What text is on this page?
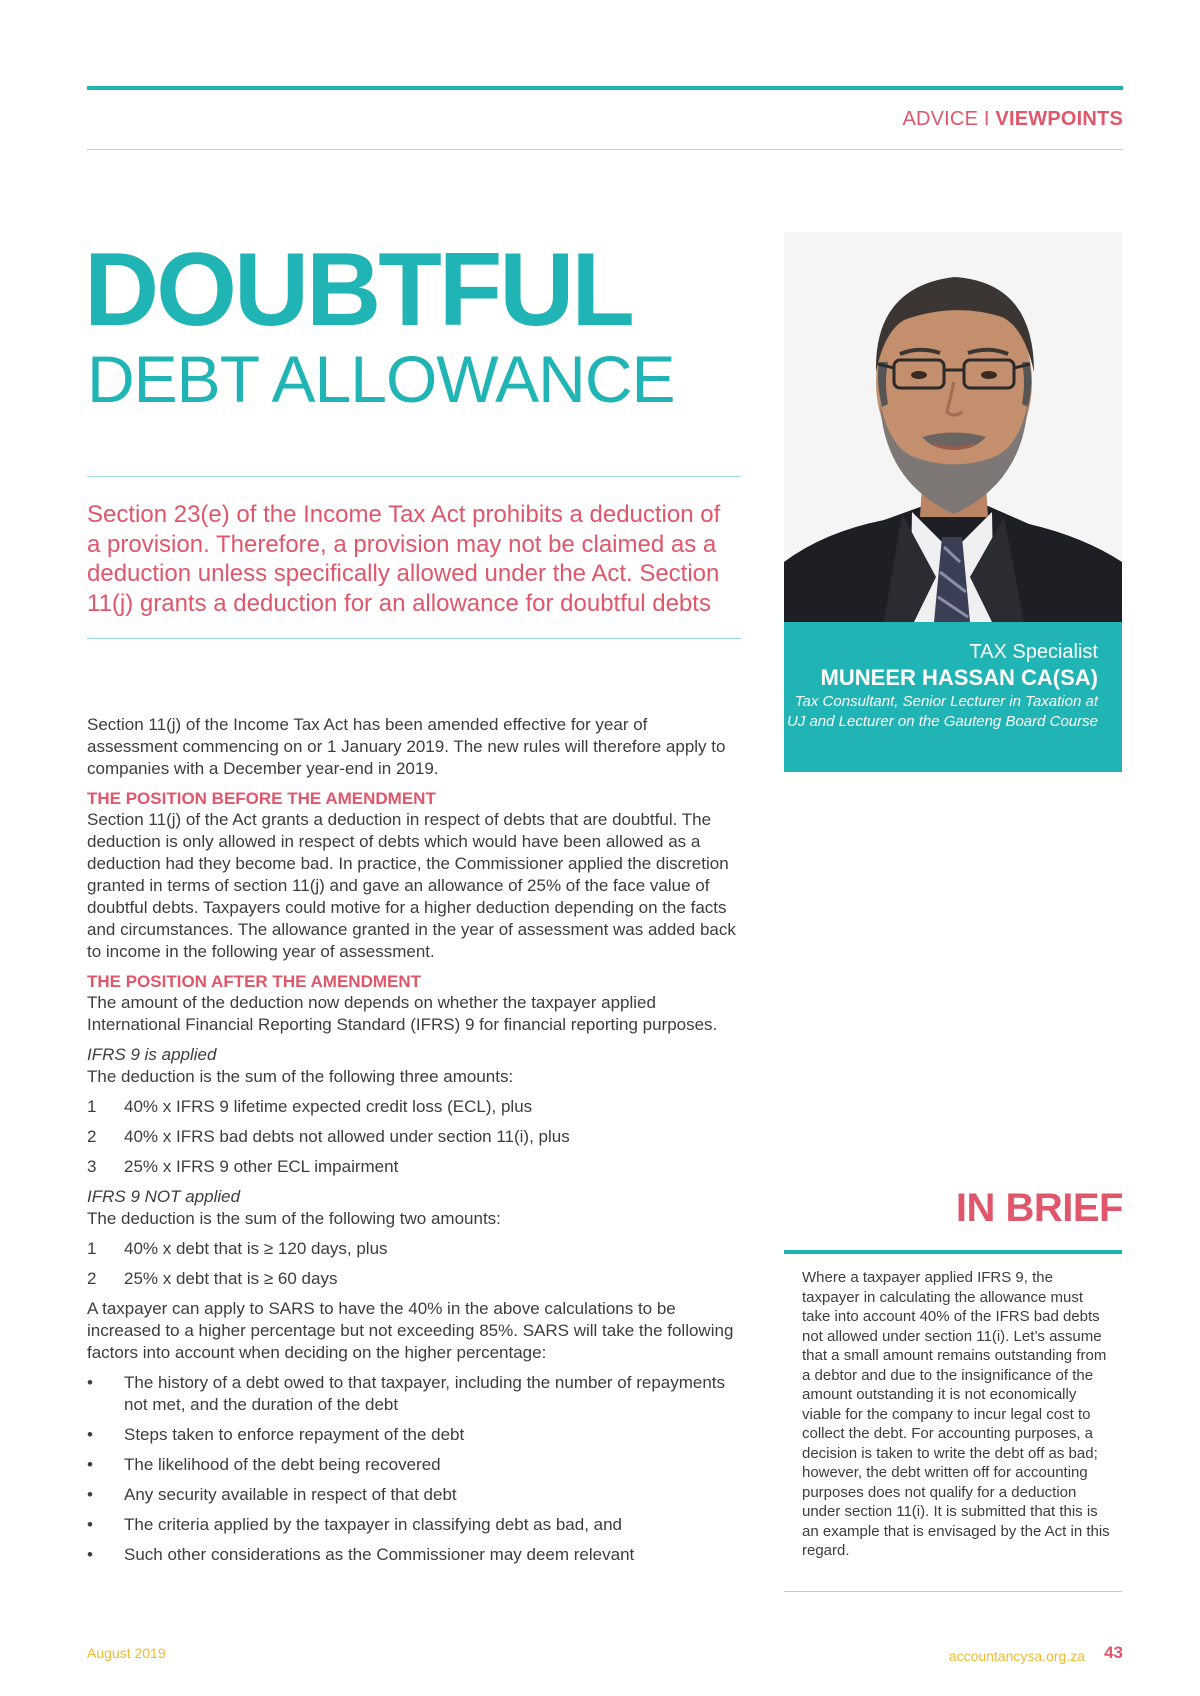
ADVICE I VIEWPOINTS
DOUBTFUL
DEBT ALLOWANCE
Section 23(e) of the Income Tax Act prohibits a deduction of a provision. Therefore, a provision may not be claimed as a deduction unless specifically allowed under the Act. Section 11(j) grants a deduction for an allowance for doubtful debts
TAX Specialist
MUNEER HASSAN CA(SA)
Tax Consultant, Senior Lecturer in Taxation at UJ and Lecturer on the Gauteng Board Course

Section 11(j) of the Income Tax Act has been amended effective for year of assessment commencing on or 1 January 2019. The new rules will therefore apply to companies with a December year-end in 2019.

THE POSITION BEFORE THE AMENDMENT

Section 11(j) of the Act grants a deduction in respect of debts that are doubtful. The deduction is only allowed in respect of debts which would have been allowed as a deduction had they become bad. In practice, the Commissioner applied the discretion granted in terms of section 11(j) and gave an allowance of 25% of the face value of doubtful debts. Taxpayers could motive for a higher deduction depending on the facts and circumstances. The allowance granted in the year of assessment was added back to income in the following year of assessment.

THE POSITION AFTER THE AMENDMENT

The amount of the deduction now depends on whether the taxpayer applied International Financial Reporting Standard (IFRS) 9 for financial reporting purposes.

IFRS 9 is applied

The deduction is the sum of the following three amounts:

1 40% x IFRS 9 lifetime expected credit loss (ECL), plus
2 40% x IFRS bad debts not allowed under section 11(i), plus
3 25% x IFRS 9 other ECL impairment

IFRS 9 NOT applied

The deduction is the sum of the following two amounts:

1 40% x debt that is ≥ 120 days, plus
2 25% x debt that is ≥ 60 days

A taxpayer can apply to SARS to have the 40% in the above calculations to be increased to a higher percentage but not exceeding 85%. SARS will take the following factors into account when deciding on the higher percentage:

• The history of a debt owed to that taxpayer, including the number of repayments not met, and the duration of the debt
• Steps taken to enforce repayment of the debt
• The likelihood of the debt being recovered
• Any security available in respect of that debt
• The criteria applied by the taxpayer in classifying debt as bad, and
• Such other considerations as the Commissioner may deem relevant
IN BRIEF
Where a taxpayer applied IFRS 9, the taxpayer in calculating the allowance must take into account 40% of the IFRS bad debts not allowed under section 11(i). Let’s assume that a small amount remains outstanding from a debtor and due to the insignificance of the amount outstanding it is not economically viable for the company to incur legal cost to collect the debt. For accounting purposes, a decision is taken to write the debt off as bad; however, the debt written off for accounting purposes does not qualify for a deduction under section 11(i). It is submitted that this is an example that is envisaged by the Act in this regard.
August 2019	accountancysa.org.za 43
